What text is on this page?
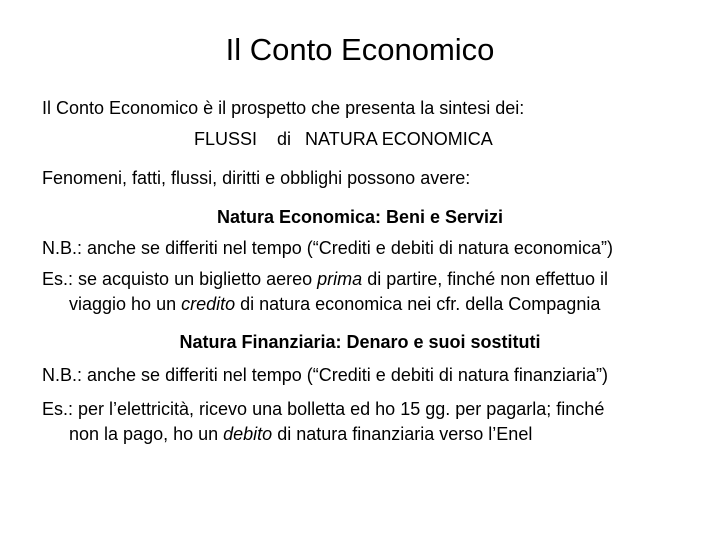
Il Conto Economico
Il Conto Economico è il prospetto che presenta la sintesi dei:
FLUSSI di NATURA ECONOMICA
Fenomeni, fatti, flussi, diritti e obblighi possono avere:
Natura Economica: Beni e Servizi
N.B.: anche se differiti nel tempo (“Crediti e debiti di natura economica”)
Es.: se acquisto un biglietto aereo prima di partire, finché non effettuo il
viaggio ho un credito di natura economica nei cfr. della Compagnia
Natura Finanziaria: Denaro e suoi sostituti
N.B.: anche se differiti nel tempo (“Crediti e debiti di natura finanziaria”)
Es.: per l’elettricità, ricevo una bolletta ed ho 15 gg. per pagarla; finché
non la pago, ho un debito di natura finanziaria verso l’Enel
